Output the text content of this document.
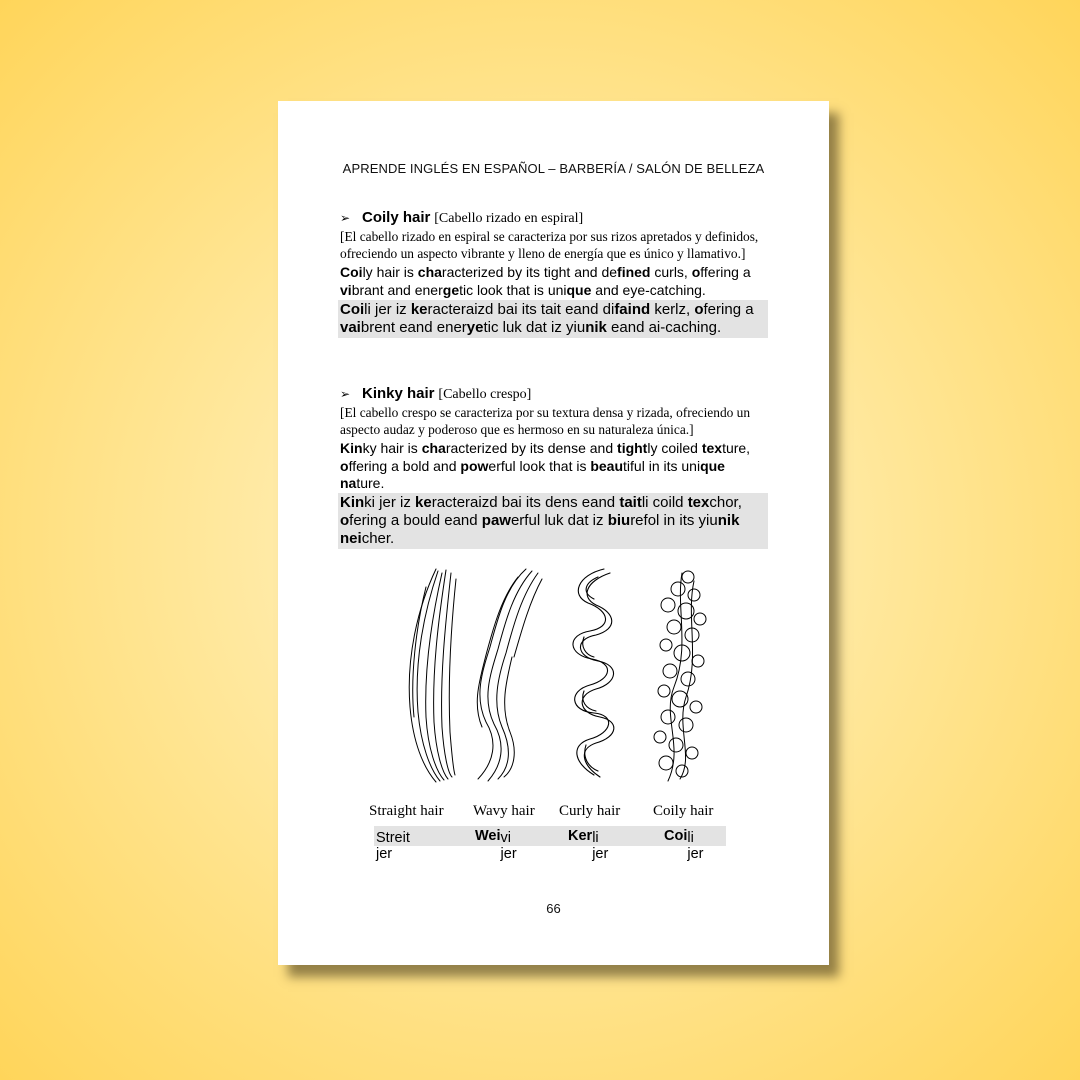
APRENDE INGLÉS EN ESPAÑOL – BARBERÍA / SALÓN DE BELLEZA
➢ Coily hair [Cabello rizado en espiral]
[El cabello rizado en espiral se caracteriza por sus rizos apretados y definidos, ofreciendo un aspecto vibrante y lleno de energía que es único y llamativo.]
Coily hair is characterized by its tight and defined curls, offering a vibrant and energetic look that is unique and eye-catching.
Coili jer iz keracteraizd bai its tait eand difaind kerlz, ofering a vaibrent eand eneryetic luk dat iz yiunik eand ai-caching.
➢ Kinky hair [Cabello crespo]
[El cabello crespo se caracteriza por su textura densa y rizada, ofreciendo un aspecto audaz y poderoso que es hermoso en su naturaleza única.]
Kinky hair is characterized by its dense and tightly coiled texture, offering a bold and powerful look that is beautiful in its unique nature.
Kinki jer iz keracteraizd bai its dens eand taitli coild texchor, ofering a bould eand pawerful luk dat iz biurefol in its yiunik neicher.
Straight hair Wavy hair Curly hair Coily hair
Streit jer
Wei vi jer
Ker li jer
Coi li jer
66
